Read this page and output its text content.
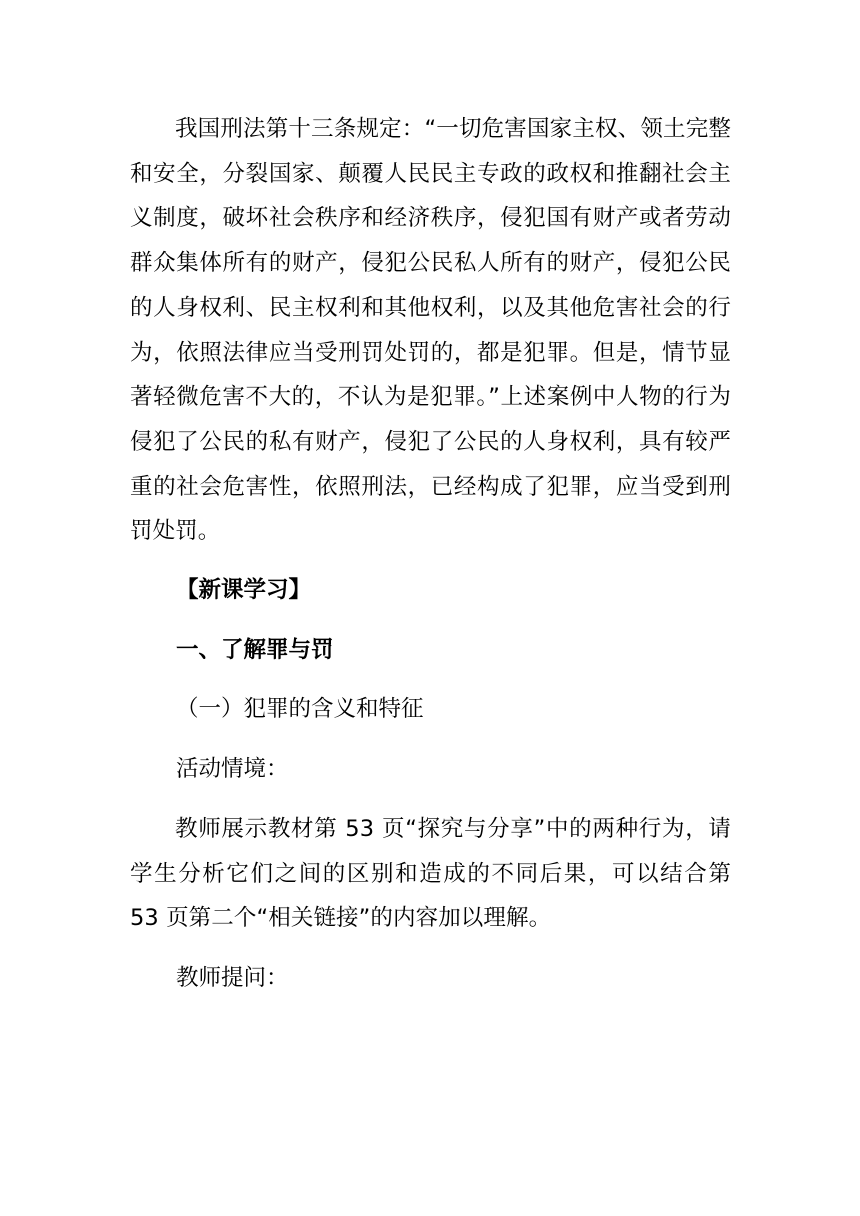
我国刑法第十三条规定：“一切危害国家主权、领土完整和安全，分裂国家、颠覆人民民主专政的政权和推翻社会主义制度，破坏社会秩序和经济秩序，侵犯国有财产或者劳动群众集体所有的财产，侵犯公民私人所有的财产，侵犯公民的人身权利、民主权利和其他权利，以及其他危害社会的行为，依照法律应当受刑罚处罚的，都是犯罪。但是，情节显著轻微危害不大的，不认为是犯罪。”上述案例中人物的行为侵犯了公民的私有财产，侵犯了公民的人身权利，具有较严重的社会危害性，依照刑法，已经构成了犯罪，应当受到刑罚处罚。

【新课学习】

一、了解罪与罚

（一）犯罪的含义和特征

活动情境：

教师展示教材第 53 页“探究与分享”中的两种行为，请学生分析它们之间的区别和造成的不同后果，可以结合第 53 页第二个“相关链接”的内容加以理解。

教师提问：
